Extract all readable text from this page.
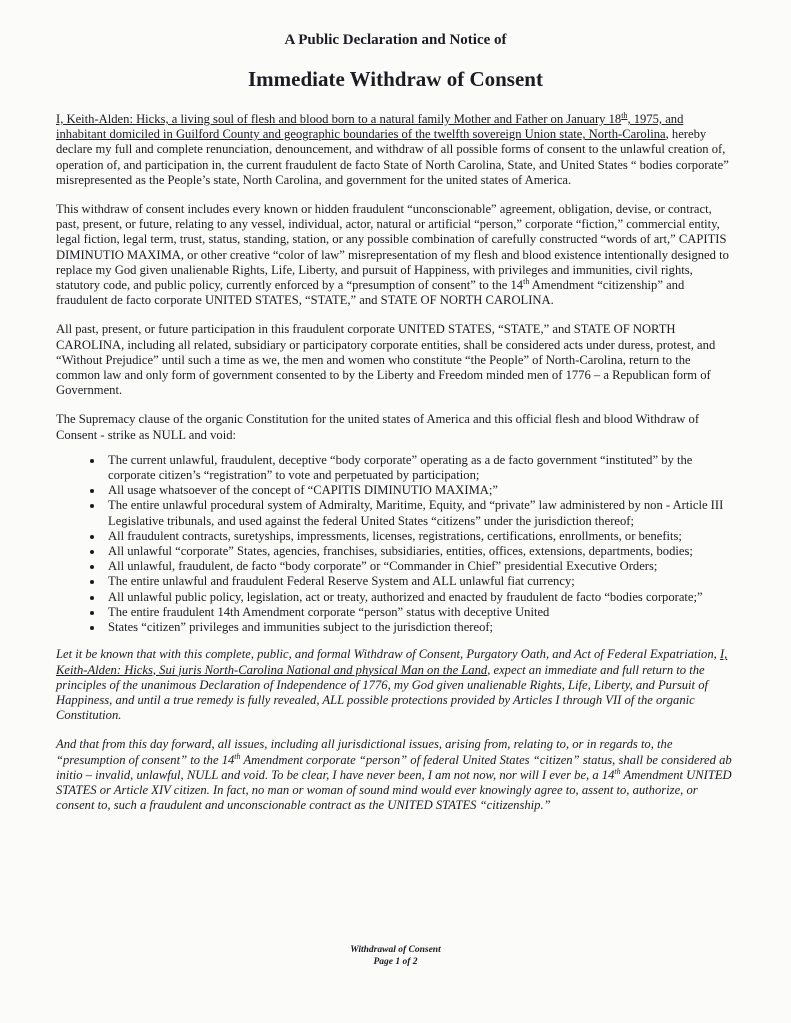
A Public Declaration and Notice of
Immediate Withdraw of Consent

I, Keith-Alden: Hicks, a living soul of flesh and blood born to a natural family Mother and Father on January 18th, 1975, and inhabitant domiciled in Guilford County and geographic boundaries of the twelfth sovereign Union state, North-Carolina, hereby declare my full and complete renunciation, denouncement, and withdraw of all possible forms of consent to the unlawful creation of, operation of, and participation in, the current fraudulent de facto State of North Carolina, State, and United States “ bodies corporate” misrepresented as the People’s state, North Carolina, and government for the united states of America.

This withdraw of consent includes every known or hidden fraudulent “unconscionable” agreement, obligation, devise, or contract, past, present, or future, relating to any vessel, individual, actor, natural or artificial “person,” corporate “fiction,” commercial entity, legal fiction, legal term, trust, status, standing, station, or any possible combination of carefully constructed “words of art,” CAPITIS DIMINUTIO MAXIMA, or other creative “color of law” misrepresentation of my flesh and blood existence intentionally designed to replace my God given unalienable Rights, Life, Liberty, and pursuit of Happiness, with privileges and immunities, civil rights, statutory code, and public policy, currently enforced by a “presumption of consent” to the 14th Amendment “citizenship” and fraudulent de facto corporate UNITED STATES, “STATE,” and STATE OF NORTH CAROLINA.

All past, present, or future participation in this fraudulent corporate UNITED STATES, “STATE,” and STATE OF NORTH CAROLINA, including all related, subsidiary or participatory corporate entities, shall be considered acts under duress, protest, and “Without Prejudice” until such a time as we, the men and women who constitute “the People” of North-Carolina, return to the common law and only form of government consented to by the Liberty and Freedom minded men of 1776 – a Republican form of Government.

The Supremacy clause of the organic Constitution for the united states of America and this official flesh and blood Withdraw of Consent - strike as NULL and void:

• The current unlawful, fraudulent, deceptive “body corporate” operating as a de facto government “instituted” by the corporate citizen’s “registration” to vote and perpetuated by participation;
• All usage whatsoever of the concept of “CAPITIS DIMINUTIO MAXIMA;”
• The entire unlawful procedural system of Admiralty, Maritime, Equity, and “private” law administered by non - Article III Legislative tribunals, and used against the federal United States “citizens” under the jurisdiction thereof;
• All fraudulent contracts, suretyships, impressments, licenses, registrations, certifications, enrollments, or benefits;
• All unlawful “corporate” States, agencies, franchises, subsidiaries, entities, offices, extensions, departments, bodies;
• All unlawful, fraudulent, de facto “body corporate” or “Commander in Chief” presidential Executive Orders;
• The entire unlawful and fraudulent Federal Reserve System and ALL unlawful fiat currency;
• All unlawful public policy, legislation, act or treaty, authorized and enacted by fraudulent de facto “bodies corporate;”
• The entire fraudulent 14th Amendment corporate “person” status with deceptive United
• States “citizen” privileges and immunities subject to the jurisdiction thereof;

Let it be known that with this complete, public, and formal Withdraw of Consent, Purgatory Oath, and Act of Federal Expatriation, I, Keith-Alden: Hicks, Sui juris North-Carolina National and physical Man on the Land, expect an immediate and full return to the principles of the unanimous Declaration of Independence of 1776, my God given unalienable Rights, Life, Liberty, and Pursuit of Happiness, and until a true remedy is fully revealed, ALL possible protections provided by Articles I through VII of the organic Constitution.

And that from this day forward, all issues, including all jurisdictional issues, arising from, relating to, or in regards to, the “presumption of consent” to the 14th Amendment corporate “person” of federal United States “citizen” status, shall be considered ab initio – invalid, unlawful, NULL and void. To be clear, I have never been, I am not now, nor will I ever be, a 14th Amendment UNITED STATES or Article XIV citizen. In fact, no man or woman of sound mind would ever knowingly agree to, assent to, authorize, or consent to, such a fraudulent and unconscionable contract as the UNITED STATES “citizenship.”

Withdrawal of Consent
Page 1 of 2
